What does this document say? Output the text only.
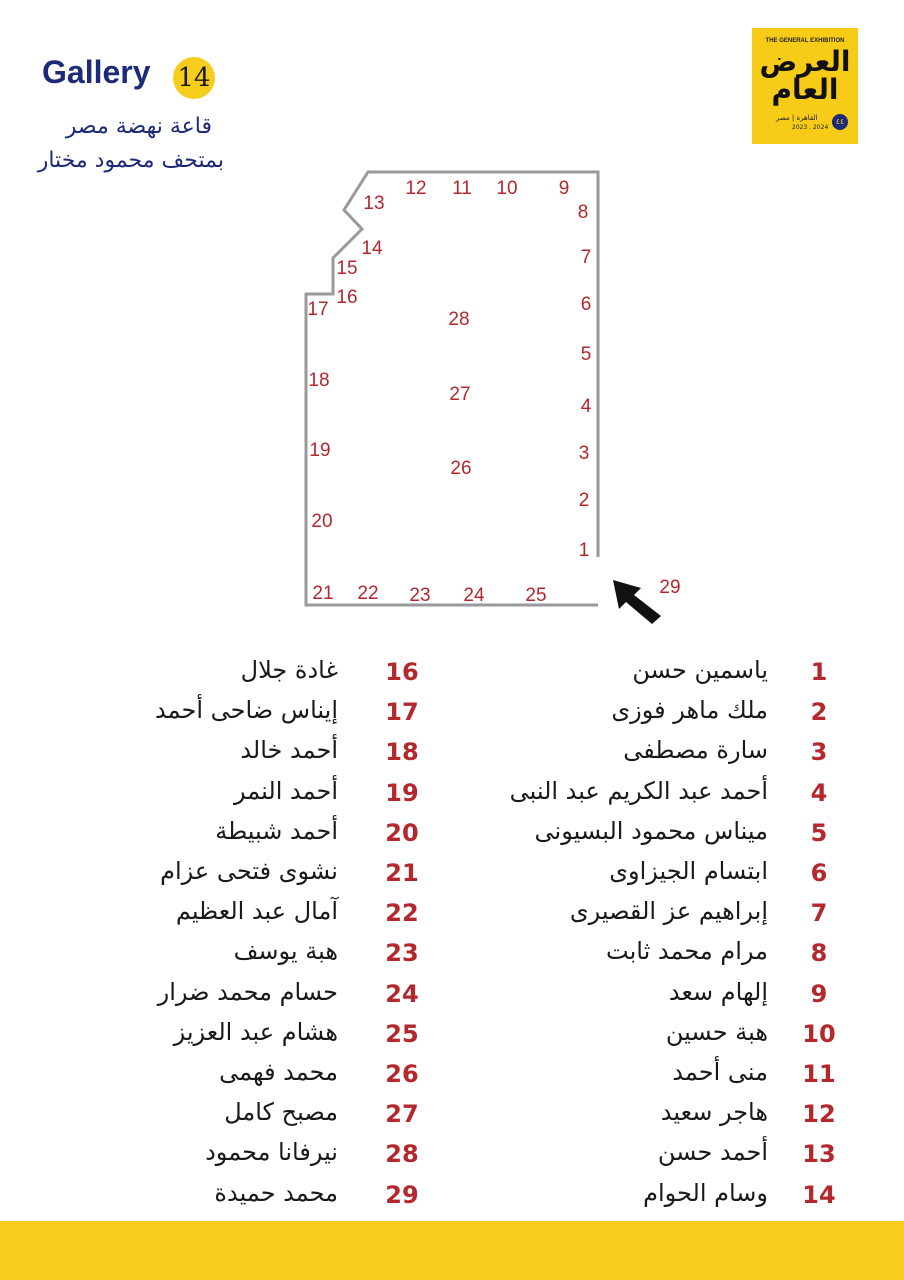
Gallery 14
قاعة نهضة مصر
بمتحف محمود مختار
THE GENERAL EXHIBITION
العرض
العام
القاهرة | مصر
2023 . 2024
٤٤
1
2
3
4
5
6
7
8
9
10
11
12
13
14
15
16
17
18
19
20
21 22 23 24 25
26
27
28
29
1
ياسمين حسن
2
ملك ماهر فوزى
3
سارة مصطفى
4
أحمد عبد الكريم عبد النبى
5
ميناس محمود البسيونى
6
ابتسام الجيزاوى
7
إبراهيم عز القصيرى
8
مرام محمد ثابت
9
إلهام سعد
10
هبة حسين
11
منى أحمد
12
هاجر سعيد
13
أحمد حسن
14
وسام الحوام
16
غادة جلال
17
إيناس ضاحى أحمد
18
أحمد خالد
19
أحمد النمر
20
أحمد شبيطة
21
نشوى فتحى عزام
22
آمال عبد العظيم
23
هبة يوسف
24
حسام محمد ضرار
25
هشام عبد العزيز
26
محمد فهمى
27
مصبح كامل
28
نيرفانا محمود
29
محمد حميدة
